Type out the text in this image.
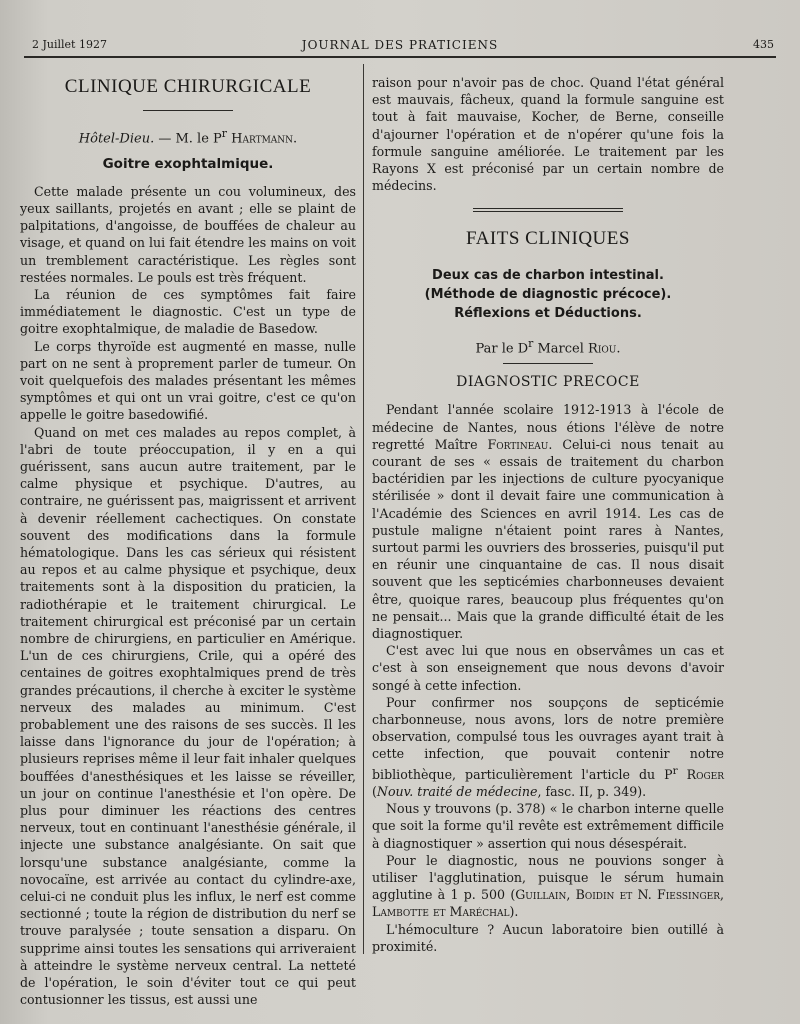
2 Juillet 1927	JOURNAL DES PRATICIENS	435
CLINIQUE CHIRURGICALE
Hôtel-Dieu. — M. le $P^r$ Hartmann.
Goitre exophtalmique.

Cette malade présente un cou volumineux, des yeux saillants, projetés en avant ; elle se plaint de palpitations, d'angoisse, de bouffées de chaleur au visage, et quand on lui fait étendre les mains on voit un tremblement caractéristique. Les règles sont restées normales. Le pouls est très fréquent.

La réunion de ces symptômes fait faire immédiatement le diagnostic. C'est un type de goitre exophtalmique, de maladie de Basedow.

Le corps thyroïde est augmenté en masse, nulle part on ne sent à proprement parler de tumeur. On voit quelquefois des malades présentant les mêmes symptômes et qui ont un vrai goitre, c'est ce qu'on appelle le goitre basedowifié.

Quand on met ces malades au repos complet, à l'abri de toute préoccupation, il y en a qui guérissent, sans aucun autre traitement, par le calme physique et psychique. D'autres, au contraire, ne guérissent pas, maigrissent et arrivent à devenir réellement cachectiques. On constate souvent des modifications dans la formule hématologique. Dans les cas sérieux qui résistent au repos et au calme physique et psychique, deux traitements sont à la disposition du praticien, la radiothérapie et le traitement chirurgical. Le traitement chirurgical est préconisé par un certain nombre de chirurgiens, en particulier en Amérique. L'un de ces chirurgiens, Crile, qui a opéré des centaines de goitres exophtalmiques prend de très grandes précautions, il cherche à exciter le système nerveux des malades au minimum. C'est probablement une des raisons de ses succès. Il les laisse dans l'ignorance du jour de l'opération; à plusieurs reprises même il leur fait inhaler quelques bouffées d'anesthésiques et les laisse se réveiller, un jour on continue l'anesthésie et l'on opère. De plus pour diminuer les réactions des centres nerveux, tout en continuant l'anesthésie générale, il injecte une substance analgésiante. On sait que lorsqu'une substance analgésiante, comme la novocaïne, est arrivée au contact du cylindre-axe, celui-ci ne conduit plus les influx, le nerf est comme sectionné ; toute la région de distribution du nerf se trouve paralysée ; toute sensation a disparu. On supprime ainsi toutes les sensations qui arriveraient à atteindre le système nerveux central. La netteté de l'opération, le soin d'éviter tout ce qui peut contusionner les tissus, est aussi une

raison pour n'avoir pas de choc. Quand l'état général est mauvais, fâcheux, quand la formule sanguine est tout à fait mauvaise, Kocher, de Berne, conseille d'ajourner l'opération et de n'opérer qu'une fois la formule sanguine améliorée. Le traitement par les Rayons X est préconisé par un certain nombre de médecins.

FAITS CLINIQUES
Deux cas de charbon intestinal.
(Méthode de diagnostic précoce).
Réflexions et Déductions.
Par le $D^r$ Marcel Riou.
DIAGNOSTIC PRECOCE

Pendant l'année scolaire 1912-1913 à l'école de médecine de Nantes, nous étions l'élève de notre regretté Maître Fortineau. Celui-ci nous tenait au courant de ses « essais de traitement du charbon bactéridien par les injections de culture pyocyanique stérilisée » dont il devait faire une communication à l'Académie des Sciences en avril 1914. Les cas de pustule maligne n'étaient point rares à Nantes, surtout parmi les ouvriers des brosseries, puisqu'il put en réunir une cinquantaine de cas. Il nous disait souvent que les septicémies charbonneuses devaient être, quoique rares, beaucoup plus fréquentes qu'on ne pensait... Mais que la grande difficulté était de les diagnostiquer.

C'est avec lui que nous en observâmes un cas et c'est à son enseignement que nous devons d'avoir songé à cette infection.

Pour confirmer nos soupçons de septicémie charbonneuse, nous avons, lors de notre première observation, compulsé tous les ouvrages ayant trait à cette infection, que pouvait contenir notre bibliothèque, particulièrement l'article du $P^r$ Roger (Nouv. traité de médecine, fasc. II, p. 349).

Nous y trouvons (p. 378) « le charbon interne quelle que soit la forme qu'il revête est extrêmement difficile à diagnostiquer » assertion qui nous désespérait.

Pour le diagnostic, nous ne pouvions songer à utiliser l'agglutination, puisque le sérum humain agglutine à 1 p. 500 (Guillain, Boidin et N. Fiessinger, Lambotte et Maréchal).

L'hémoculture ? Aucun laboratoire bien outillé à proximité.
